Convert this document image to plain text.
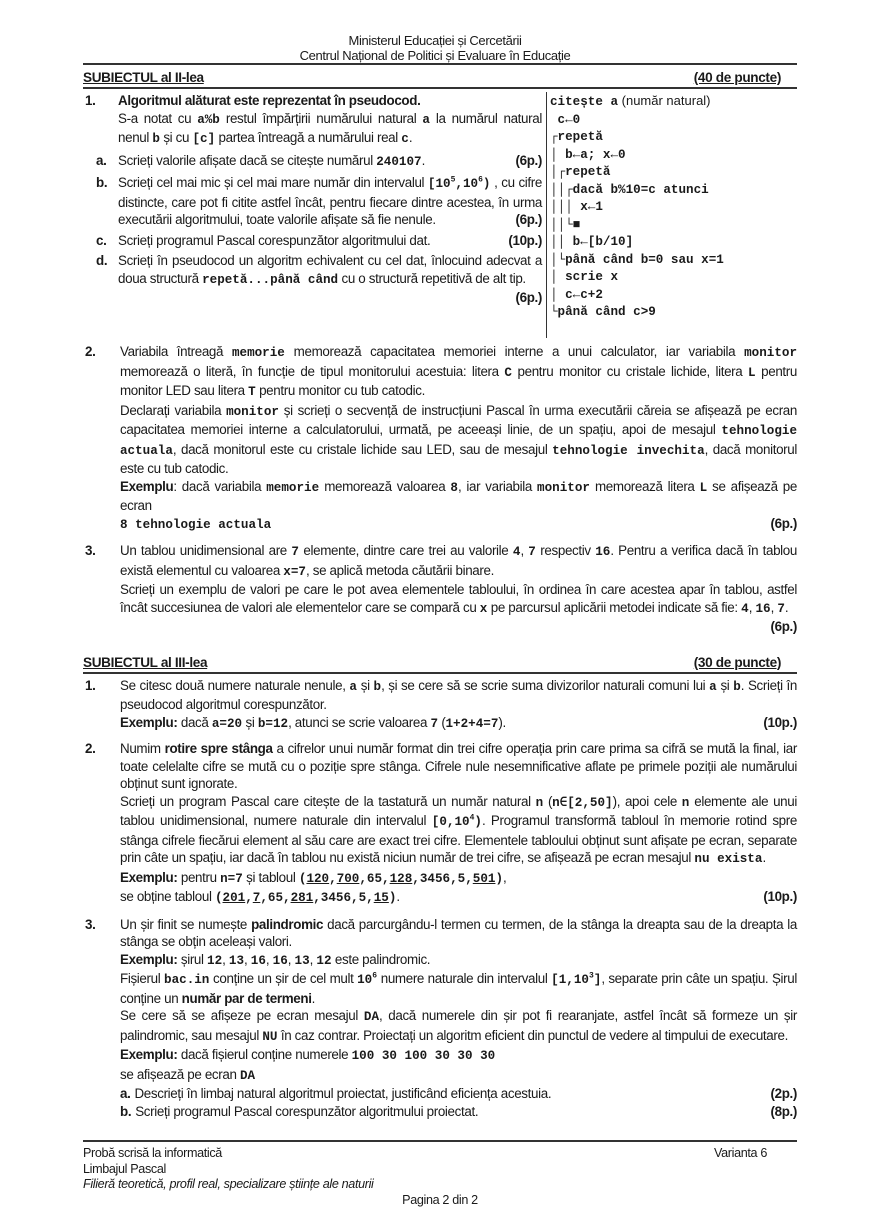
Ministerul Educației și Cercetării
Centrul Național de Politici și Evaluare în Educație
SUBIECTUL al II-lea	(40 de puncte)
1.	Algoritmul alăturat este reprezentat în pseudocod.
S-a notat cu a%b restul împărțirii numărului natural a la numărul natural nenul b și cu [c] partea întreagă a numărului real c.
a. Scrieți valorile afișate dacă se citește numărul 240107.	(6p.)
b. Scrieți cel mai mic și cel mai mare număr din intervalul $[10^5,10^6)$ , cu cifre distincte, care pot fi citite astfel încât, pentru fiecare dintre acestea, în urma executării algoritmului, toate valorile afișate să fie nenule.	(6p.)
c. Scrieți programul Pascal corespunzător algoritmului dat.	(10p.)
d. Scrieți în pseudocod un algoritm echivalent cu cel dat, înlocuind adecvat a doua structură repetă...până când cu o structură repetitivă de alt tip.
(6p.)
citește a (număr natural)
c←0
┌repetă
│ b←a; x←0
│┌repetă
││┌dacă b%10=c atunci
│││ x←1
││└■
││ b←[b/10]
│└până când b=0 sau x=1
│ scrie x
│ c←c+2
└până când c>9
2.	Variabila întreagă memorie memorează capacitatea memoriei interne a unui calculator, iar variabila monitor memorează o literă, în funcție de tipul monitorului acestuia: litera C pentru monitor cu cristale lichide, litera L pentru monitor LED sau litera T pentru monitor cu tub catodic.
Declarați variabila monitor și scrieți o secvență de instrucțiuni Pascal în urma executării căreia se afișează pe ecran capacitatea memoriei interne a calculatorului, urmată, pe aceeași linie, de un spațiu, apoi de mesajul tehnologie actuala, dacă monitorul este cu cristale lichide sau LED, sau de mesajul tehnologie invechita, dacă monitorul este cu tub catodic.
Exemplu: dacă variabila memorie memorează valoarea 8, iar variabila monitor memorează litera L se afișează pe ecran
8 tehnologie actuala	(6p.)
3.	Un tablou unidimensional are 7 elemente, dintre care trei au valorile 4, 7 respectiv 16. Pentru a verifica dacă în tablou există elementul cu valoarea x=7, se aplică metoda căutării binare.
Scrieți un exemplu de valori pe care le pot avea elementele tabloului, în ordinea în care acestea apar în tablou, astfel încât succesiunea de valori ale elementelor care se compară cu x pe parcursul aplicării metodei indicate să fie: 4, 16, 7.
(6p.)
SUBIECTUL al III-lea	(30 de puncte)
1.	Se citesc două numere naturale nenule, a și b, și se cere să se scrie suma divizorilor naturali comuni lui a și b. Scrieți în pseudocod algoritmul corespunzător.
Exemplu: dacă a=20 și b=12, atunci se scrie valoarea 7 (1+2+4=7).	(10p.)
2.	Numim rotire spre stânga a cifrelor unui număr format din trei cifre operația prin care prima sa cifră se mută la final, iar toate celelalte cifre se mută cu o poziție spre stânga. Cifrele nule nesemnificative aflate pe primele poziții ale numărului obținut sunt ignorate.
Scrieți un program Pascal care citește de la tastatură un număr natural n (n∈[2,50]), apoi cele n elemente ale unui tablou unidimensional, numere naturale din intervalul [0,10$^4$). Programul transformă tabloul în memorie rotind spre stânga cifrele fiecărui element al său care are exact trei cifre. Elementele tabloului obținut sunt afișate pe ecran, separate prin câte un spațiu, iar dacă în tablou nu există niciun număr de trei cifre, se afișează pe ecran mesajul nu exista.
Exemplu: pentru n=7 și tabloul (120,700,65,128,3456,5,501),
se obține tabloul (201,7,65,281,3456,5,15).	(10p.)
3.	Un șir finit se numește palindromic dacă parcurgându-l termen cu termen, de la stânga la dreapta sau de la dreapta la stânga se obțin aceleași valori.
Exemplu: șirul 12, 13, 16, 16, 13, 12 este palindromic.
Fișierul bac.in conține un șir de cel mult $10^6$ numere naturale din intervalul [1,10$^3$], separate prin câte un spațiu. Șirul conține un număr par de termeni.
Se cere să se afișeze pe ecran mesajul DA, dacă numerele din șir pot fi rearanjate, astfel încât să formeze un șir palindromic, sau mesajul NU în caz contrar. Proiectați un algoritm eficient din punctul de vedere al timpului de executare.
Exemplu: dacă fișierul conține numerele 100 30 100 30 30 30
se afișează pe ecran DA
a. Descrieți în limbaj natural algoritmul proiectat, justificând eficiența acestuia.	(2p.)
b. Scrieți programul Pascal corespunzător algoritmului proiectat.	(8p.)
Probă scrisă la informatică	Varianta 6
Limbajul Pascal
Filieră teoretică, profil real, specializare științe ale naturii
Pagina 2 din 2
